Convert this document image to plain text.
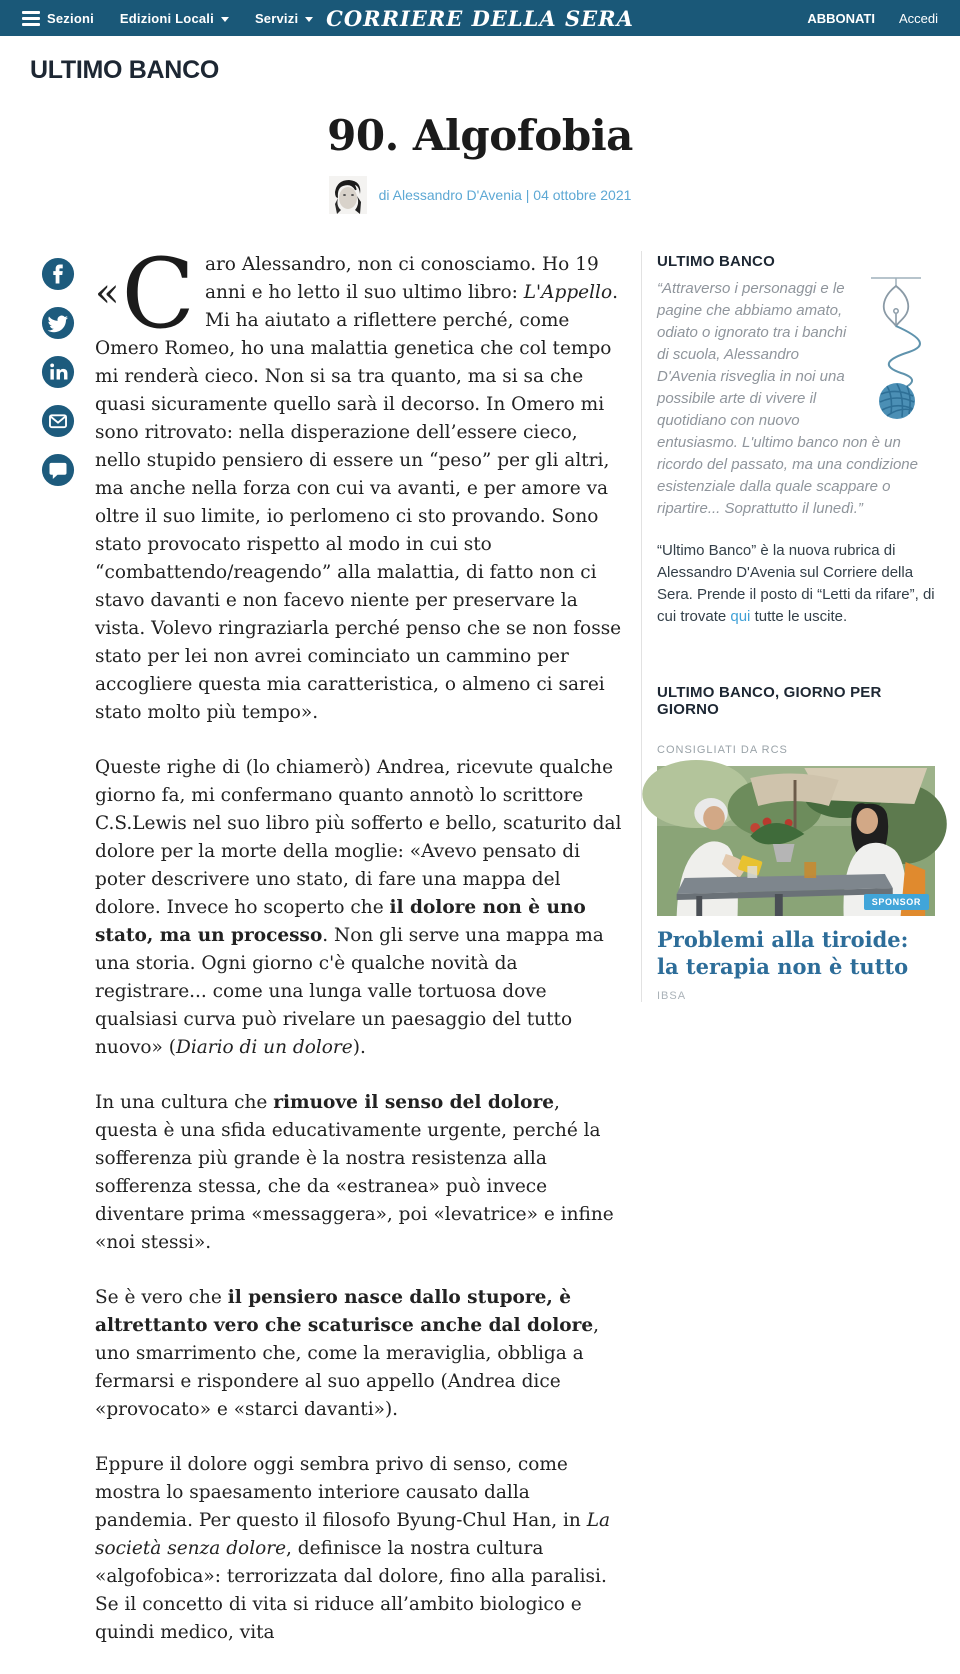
Sezioni Edizioni Locali	Servizi	CORRIERE DELLA SERA	ABBONATI Accedi
ULTIMO BANCO
90. Algofobia
di Alessandro D'Avenia | 04 ottobre 2021

« C aro Alessandro, non ci conosciamo. Ho 19 anni e ho letto il suo ultimo libro: L'Appello. Mi ha aiutato a riflettere perché, come Omero Romeo, ho una malattia genetica che col tempo mi renderà cieco. Non si sa tra quanto, ma si sa che quasi sicuramente quello sarà il decorso. In Omero mi sono ritrovato: nella disperazione dell’essere cieco, nello stupido pensiero di essere un “peso” per gli altri, ma anche nella forza con cui va avanti, e per amore va oltre il suo limite, io perlomeno ci sto provando. Sono stato provocato rispetto al modo in cui sto “combattendo/reagendo” alla malattia, di fatto non ci stavo davanti e non facevo niente per preservare la vista. Volevo ringraziarla perché penso che se non fosse stato per lei non avrei cominciato un cammino per accogliere questa mia caratteristica, o almeno ci sarei stato molto più tempo».

Queste righe di (lo chiamerò) Andrea, ricevute qualche giorno fa, mi confermano quanto annotò lo scrittore C.S.Lewis nel suo libro più sofferto e bello, scaturito dal dolore per la morte della moglie: «Avevo pensato di poter descrivere uno stato, di fare una mappa del dolore. Invece ho scoperto che il dolore non è uno stato, ma un processo. Non gli serve una mappa ma una storia. Ogni giorno c'è qualche novità da registrare... come una lunga valle tortuosa dove qualsiasi curva può rivelare un paesaggio del tutto nuovo» (Diario di un dolore).

In una cultura che rimuove il senso del dolore, questa è una sfida educativamente urgente, perché la sofferenza più grande è la nostra resistenza alla sofferenza stessa, che da «estranea» può invece diventare prima «messaggera», poi «levatrice» e infine «noi stessi».

Se è vero che il pensiero nasce dallo stupore, è altrettanto vero che scaturisce anche dal dolore, uno smarrimento che, come la meraviglia, obbliga a fermarsi e rispondere al suo appello (Andrea dice «provocato» e «starci davanti»).

Eppure il dolore oggi sembra privo di senso, come mostra lo spaesamento interiore causato dalla pandemia. Per questo il filosofo Byung-Chul Han, in La società senza dolore, definisce la nostra cultura «algofobica»: terrorizzata dal dolore, fino alla paralisi. Se il concetto di vita si riduce all’ambito biologico e quindi medico, vita

ULTIMO BANCO
“Attraverso i personaggi e le pagine che abbiamo amato, odiato o ignorato tra i banchi di scuola, Alessandro D'Avenia risveglia in noi una possibile arte di vivere il quotidiano con nuovo entusiasmo. L'ultimo banco non è un ricordo del passato, ma una condizione esistenziale dalla quale scappare o ripartire... Soprattutto il lunedì.”
“Ultimo Banco” è la nuova rubrica di Alessandro D'Avenia sul Corriere della Sera. Prende il posto di “Letti da rifare”, di cui trovate qui tutte le uscite.
ULTIMO BANCO, GIORNO PER GIORNO
CONSIGLIATI DA RCS
SPONSOR
Problemi alla tiroide: la terapia non è tutto
IBSA
